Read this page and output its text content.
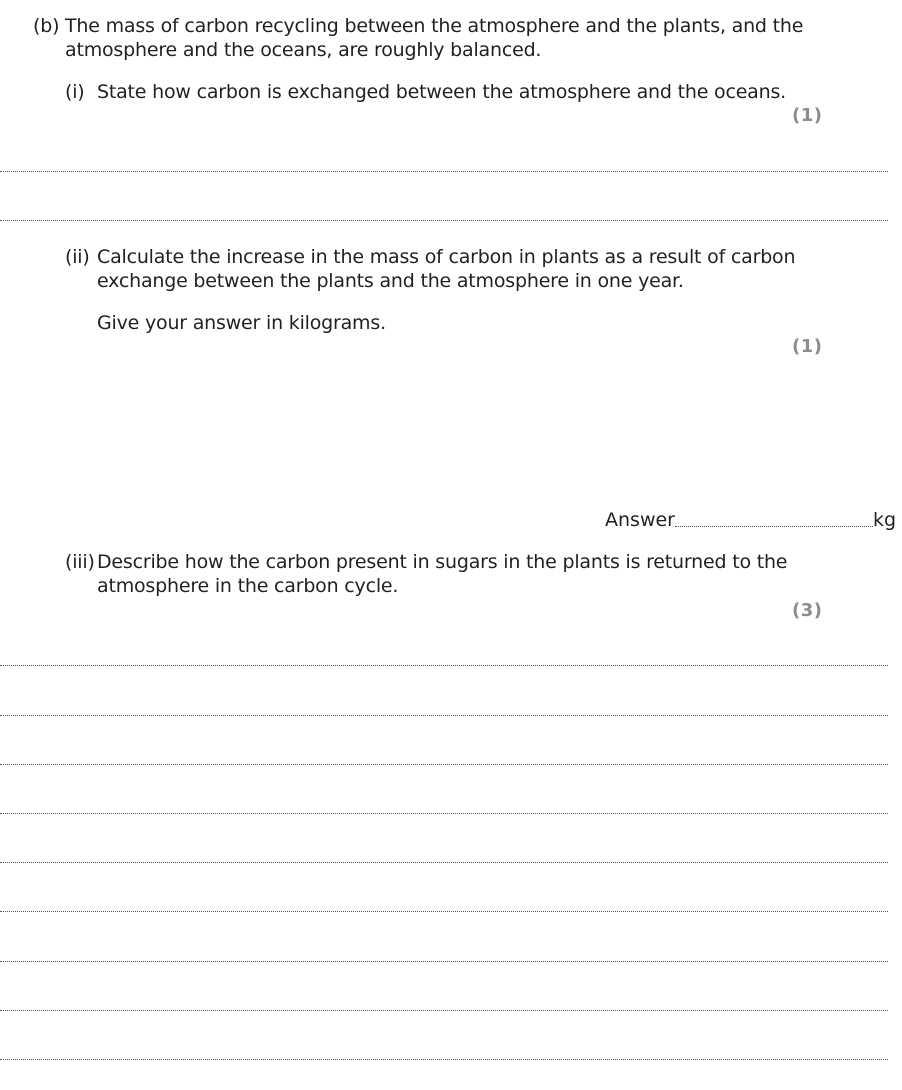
(b) The mass of carbon recycling between the atmosphere and the plants, and the
atmosphere and the oceans, are roughly balanced.
(i) State how carbon is exchanged between the atmosphere and the oceans.
(1)
(ii) Calculate the increase in the mass of carbon in plants as a result of carbon
exchange between the plants and the atmosphere in one year.
Give your answer in kilograms.
(1)
Answer	kg
(iii) Describe how the carbon present in sugars in the plants is returned to the
atmosphere in the carbon cycle.
(3)
